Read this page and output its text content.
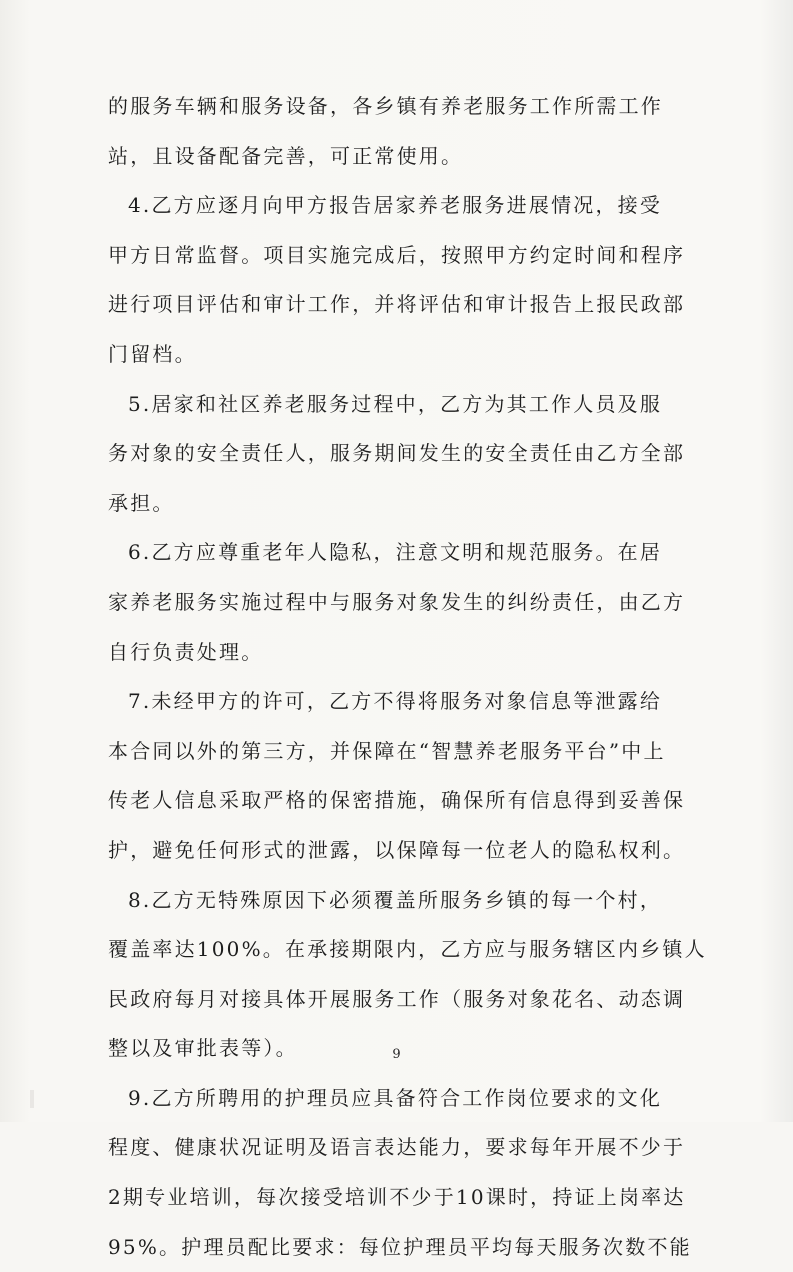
的服务车辆和服务设备，各乡镇有养老服务工作所需工作
站，且设备配备完善，可正常使用。

4.乙方应逐月向甲方报告居家养老服务进展情况，接受
甲方日常监督。项目实施完成后，按照甲方约定时间和程序
进行项目评估和审计工作，并将评估和审计报告上报民政部
门留档。

5.居家和社区养老服务过程中，乙方为其工作人员及服
务对象的安全责任人，服务期间发生的安全责任由乙方全部
承担。

6.乙方应尊重老年人隐私，注意文明和规范服务。在居
家养老服务实施过程中与服务对象发生的纠纷责任，由乙方
自行负责处理。

7.未经甲方的许可，乙方不得将服务对象信息等泄露给
本合同以外的第三方，并保障在“智慧养老服务平台”中上
传老人信息采取严格的保密措施，确保所有信息得到妥善保
护，避免任何形式的泄露，以保障每一位老人的隐私权利。

8.乙方无特殊原因下必须覆盖所服务乡镇的每一个村，
覆盖率达100%。在承接期限内，乙方应与服务辖区内乡镇人
民政府每月对接具体开展服务工作（服务对象花名、动态调
整以及审批表等）。

9.乙方所聘用的护理员应具备符合工作岗位要求的文化
程度、健康状况证明及语言表达能力，要求每年开展不少于
2期专业培训，每次接受培训不少于10课时，持证上岗率达
95%。护理员配比要求：每位护理员平均每天服务次数不能

9
